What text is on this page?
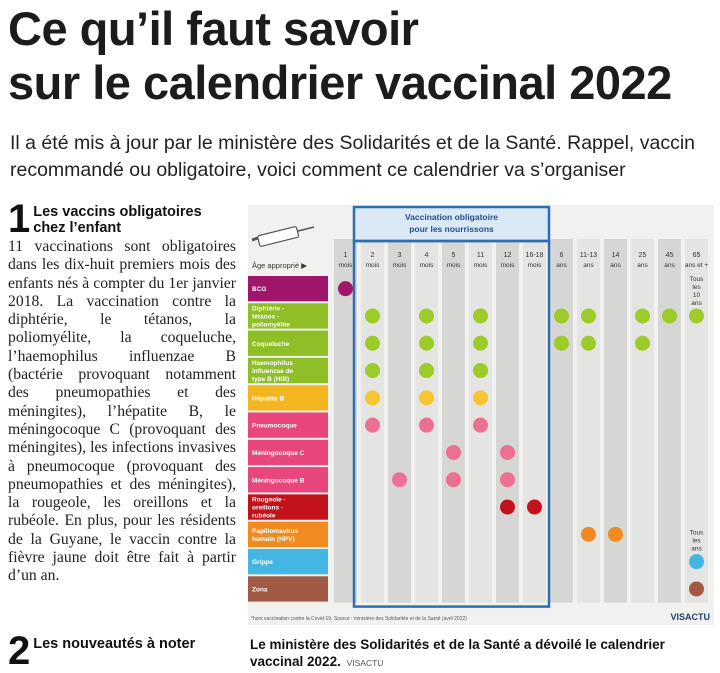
Ce qu’il faut savoir
sur le calendrier vaccinal 2022
Il a été mis à jour par le ministère des Solidarités et de la Santé. Rappel, vaccin recommandé ou obligatoire, voici comment ce calendrier va s’organiser
1 Les vaccins obligatoires chez l’enfant
11 vaccinations sont obligatoires dans les dix-huit premiers mois des enfants nés à compter du 1er janvier 2018. La vaccination contre la diphtérie, le tétanos, la poliomyélite, la coqueluche, l’haemophilus influenzae B (bactérie provoquant notamment des pneumopathies et des méningites), l’hépatite B, le méningocoque C (provoquant des méningites), les infections invasives à pneumocoque (provoquant des pneumopathies et des méningites), la rougeole, les oreillons et la rubéole. En plus, pour les résidents de la Guyane, le vaccin contre la fièvre jaune doit être fait à partir d’un an.
2 Les nouveautés à noter
Vaccination obligatoire
pour les nourrissons
Âge approprié ▶
1
mois
2
mois
3
mois
4
mois
5
mois
11
mois
12
mois
16-18
mois
6
ans
11-13
ans
14
ans
25
ans
45
ans
65
ans et +
BCG
Diphtérie -
tétanos -
poliomyélite
Coqueluche
Haemophilus
influenzae de
type B (HIB)
Hépatite B
Pneumocoque
Méningocoque C
Méningocoque B
Rougeole -
oreillons -
rubéole
Papillomavirus
humain (HPV)
Grippe
Zona
Tous
les
10
ans
Tous
les
ans
*hors vaccination contre la Covid-19. Source : ministère des Solidarités et de la Santé (avril 2022)	VISACTU
Le ministère des Solidarités et de la Santé a dévoilé le calendrier vaccinal 2022. VISACTU
